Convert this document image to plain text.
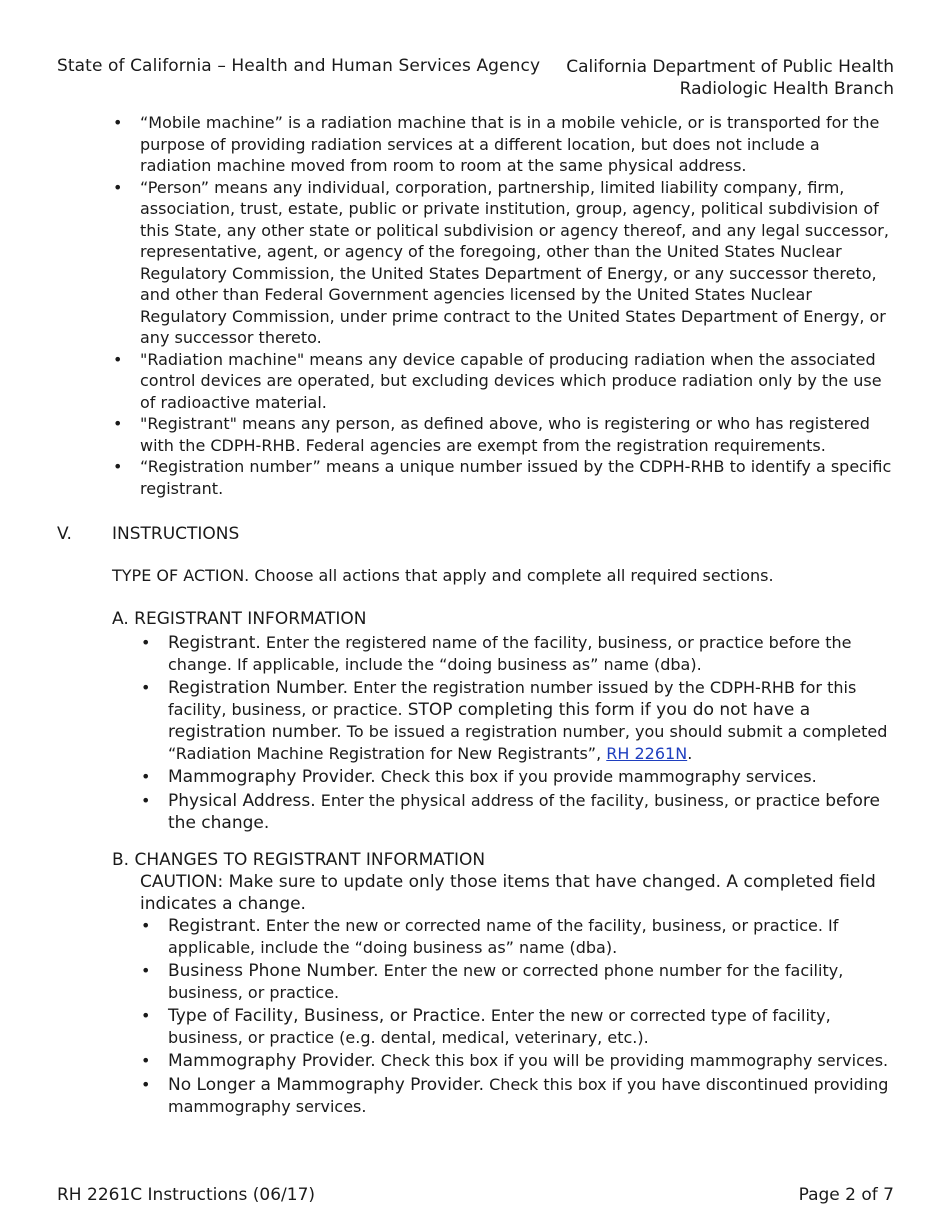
State of California – Health and Human Services Agency California Department of Public Health
Radiologic Health Branch
• “Mobile machine” is a radiation machine that is in a mobile vehicle, or is transported for the purpose of providing radiation services at a different location, but does not include a radiation machine moved from room to room at the same physical address.
• “Person” means any individual, corporation, partnership, limited liability company, firm, association, trust, estate, public or private institution, group, agency, political subdivision of this State, any other state or political subdivision or agency thereof, and any legal successor, representative, agent, or agency of the foregoing, other than the United States Nuclear Regulatory Commission, the United States Department of Energy, or any successor thereto, and other than Federal Government agencies licensed by the United States Nuclear Regulatory Commission, under prime contract to the United States Department of Energy, or any successor thereto.
• "Radiation machine" means any device capable of producing radiation when the associated control devices are operated, but excluding devices which produce radiation only by the use of radioactive material.
• "Registrant" means any person, as defined above, who is registering or who has registered with the CDPH-RHB. Federal agencies are exempt from the registration requirements.
• “Registration number” means a unique number issued by the CDPH-RHB to identify a specific registrant.
V. INSTRUCTIONS
TYPE OF ACTION. Choose all actions that apply and complete all required sections.
A. REGISTRANT INFORMATION
• Registrant. Enter the registered name of the facility, business, or practice before the change. If applicable, include the “doing business as” name (dba).
• Registration Number. Enter the registration number issued by the CDPH-RHB for this facility, business, or practice. STOP completing this form if you do not have a registration number. To be issued a registration number, you should submit a completed “Radiation Machine Registration for New Registrants”, RH 2261N.
• Mammography Provider. Check this box if you provide mammography services.
• Physical Address. Enter the physical address of the facility, business, or practice before the change.
B. CHANGES TO REGISTRANT INFORMATION
CAUTION: Make sure to update only those items that have changed. A completed field indicates a change.
• Registrant. Enter the new or corrected name of the facility, business, or practice. If applicable, include the “doing business as” name (dba).
• Business Phone Number. Enter the new or corrected phone number for the facility, business, or practice.
• Type of Facility, Business, or Practice. Enter the new or corrected type of facility, business, or practice (e.g. dental, medical, veterinary, etc.).
• Mammography Provider. Check this box if you will be providing mammography services.
• No Longer a Mammography Provider. Check this box if you have discontinued providing mammography services.
RH 2261C Instructions (06/17)	Page 2 of 7
